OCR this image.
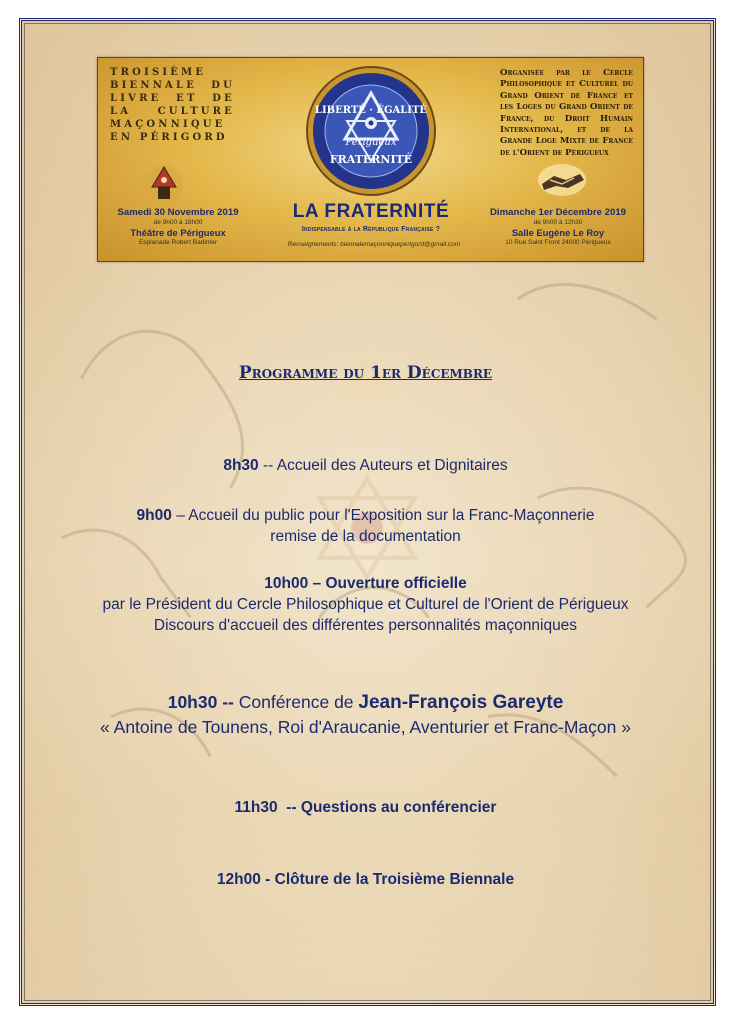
TROISIÈME BIENNALE DU LIVRE ET DE LA CULTURE MAÇONNIQUE EN PÉRIGORD
Organisée par le Cercle Philosophique et Culturel du Grand Orient de France et les Loges du Grand Orient de France, du Droit Humain International, et de la Grande Loge Mixte de France de l'Orient de Périgueux
LIBERTÉ · ÉGALITÉ
Périgueux
FRATERNITÉ
Samedi 30 Novembre 2019
de 9h00 à 18h00
Théâtre de Périgueux
Esplanade Robert Badinter
Dimanche 1er Décembre 2019
de 9h00 à 12h30
Salle Eugène Le Roy
10 Rue Saint Front 24000 Périgueux
LA FRATERNITÉ
Indispensable à la République Française ?
Renseignements: biennalemaçonniqueperigord@gmail.com
Programme du 1er Décembre
8h30 -- Accueil des Auteurs et Dignitaires
9h00 – Accueil du public pour l'Exposition sur la Franc-Maçonnerie
remise de la documentation
10h00 – Ouverture officielle
par le Président du Cercle Philosophique et Culturel de l'Orient de Périgueux
Discours d'accueil des différentes personnalités maçonniques
10h30 -- Conférence de Jean-François Gareyte
« Antoine de Tounens, Roi d'Araucanie, Aventurier et Franc-Maçon »
11h30  -- Questions au conférencier
12h00 - Clôture de la Troisième Biennale
